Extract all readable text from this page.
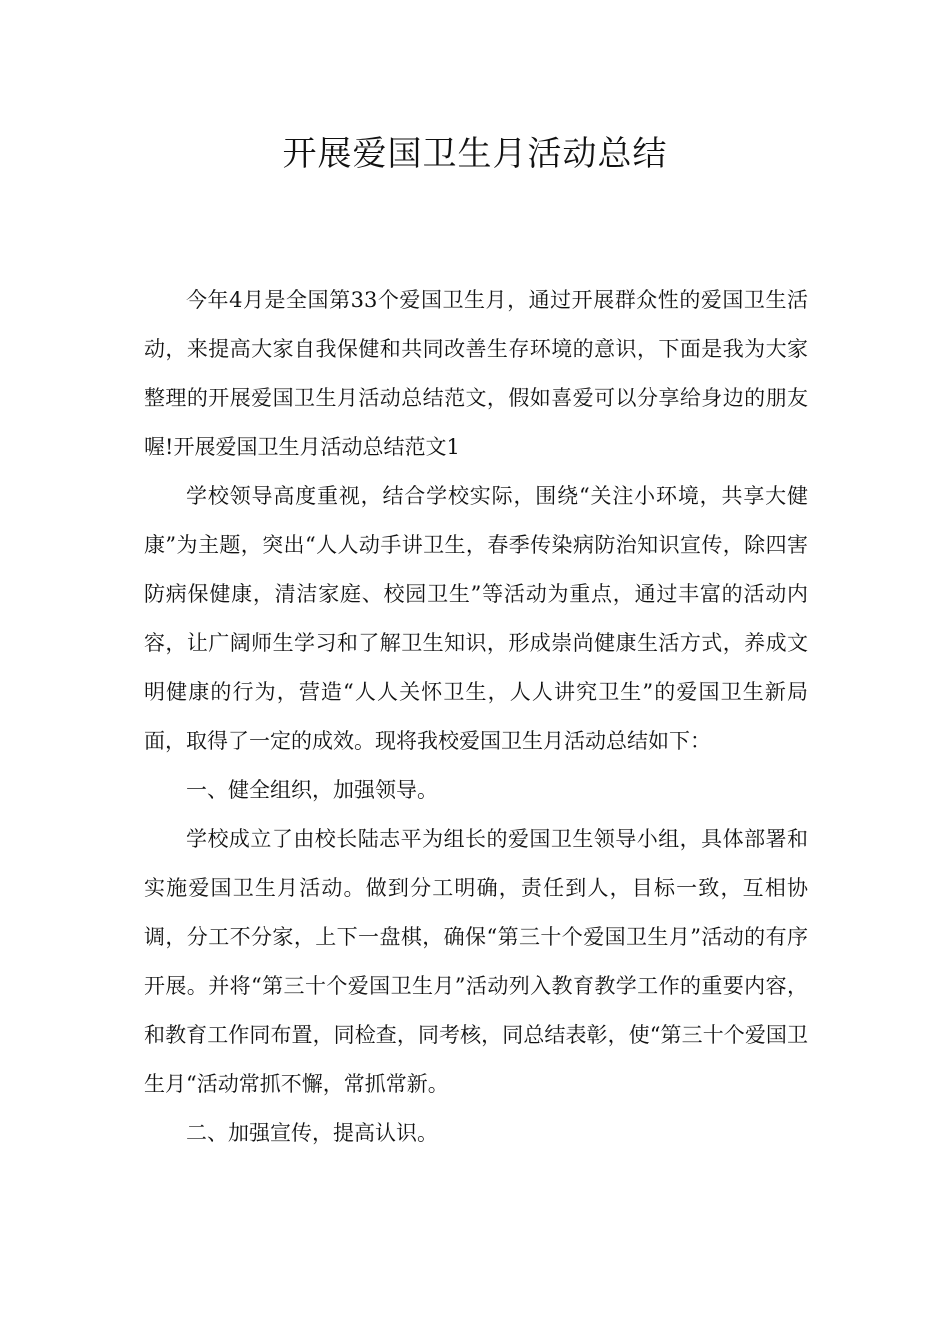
开展爱国卫生月活动总结

今年4月是全国第33个爱国卫生月，通过开展群众性的爱国卫生活动，来提高大家自我保健和共同改善生存环境的意识，下面是我为大家整理的开展爱国卫生月活动总结范文，假如喜爱可以分享给身边的朋友喔!开展爱国卫生月活动总结范文1

学校领导高度重视，结合学校实际，围绕“关注小环境，共享大健康”为主题，突出“人人动手讲卫生，春季传染病防治知识宣传，除四害防病保健康，清洁家庭、校园卫生”等活动为重点，通过丰富的活动内容，让广阔师生学习和了解卫生知识，形成崇尚健康生活方式，养成文明健康的行为，营造“人人关怀卫生，人人讲究卫生”的爱国卫生新局面，取得了一定的成效。现将我校爱国卫生月活动总结如下：

一、健全组织，加强领导。

学校成立了由校长陆志平为组长的爱国卫生领导小组，具体部署和实施爱国卫生月活动。做到分工明确，责任到人，目标一致，互相协调，分工不分家，上下一盘棋，确保“第三十个爱国卫生月”活动的有序开展。并将“第三十个爱国卫生月”活动列入教育教学工作的重要内容，和教育工作同布置，同检查，同考核，同总结表彰，使“第三十个爱国卫生月“活动常抓不懈，常抓常新。

二、加强宣传，提高认识。
